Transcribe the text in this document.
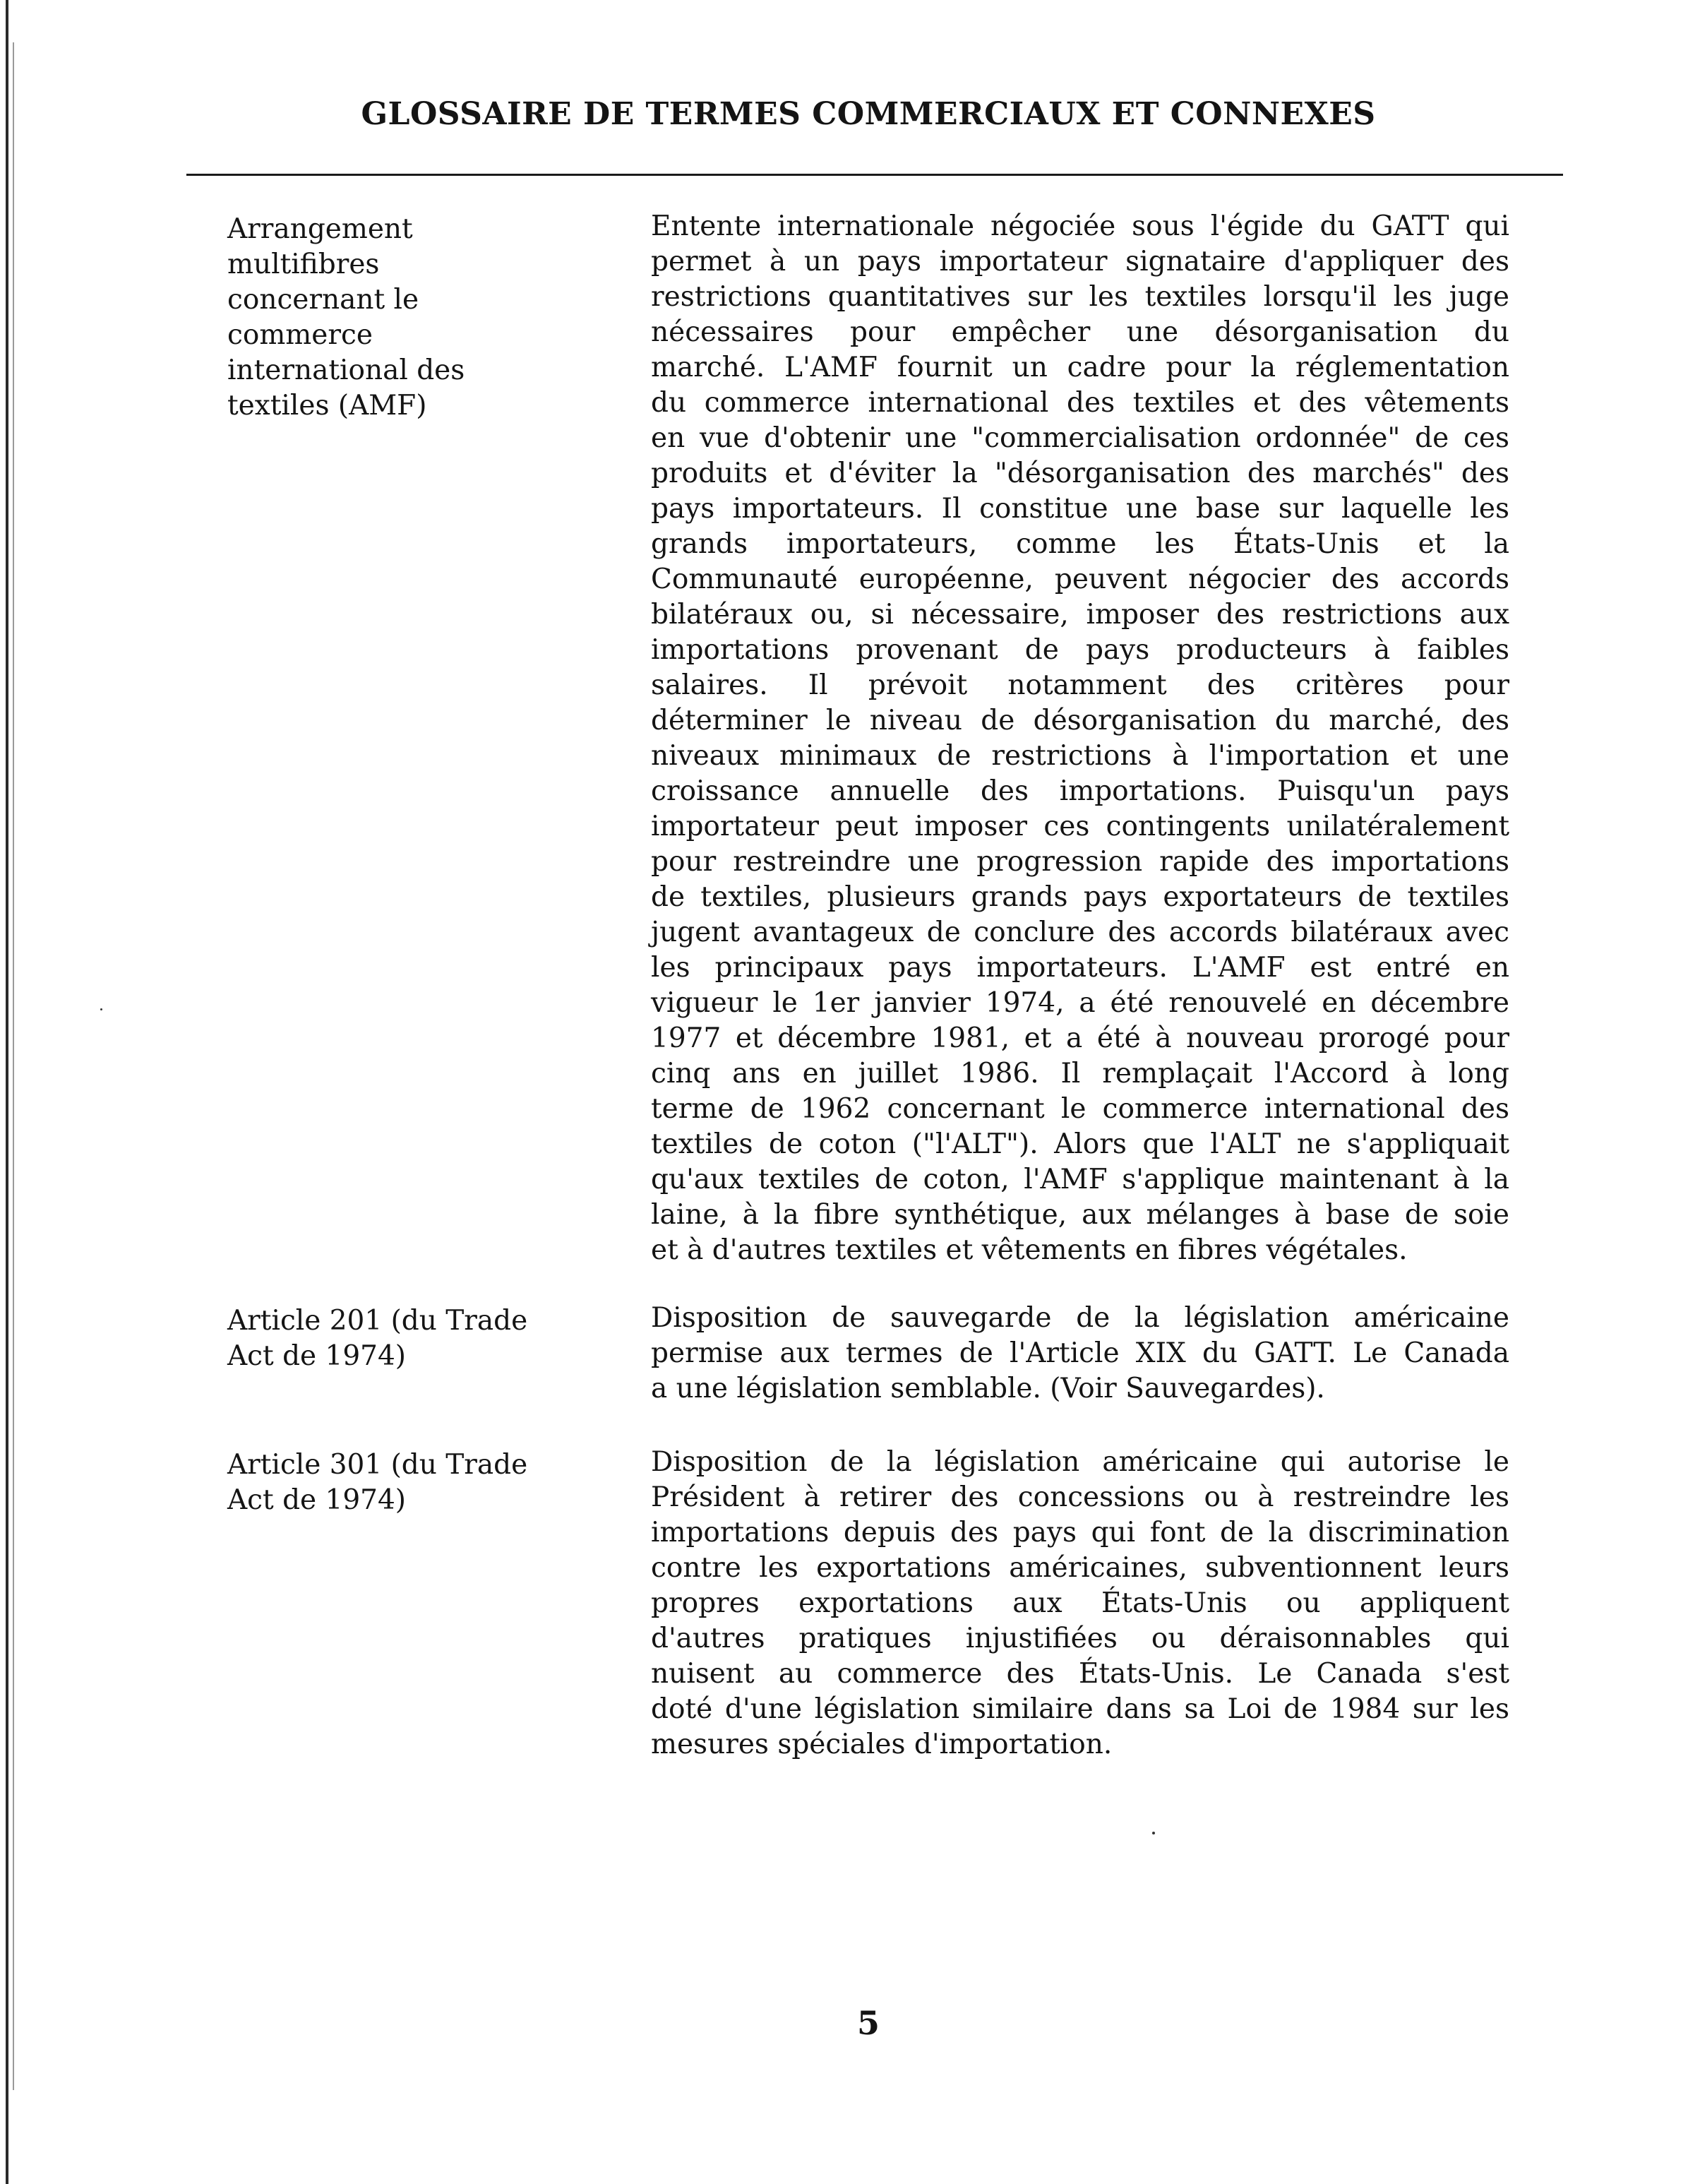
GLOSSAIRE DE TERMES COMMERCIAUX ET CONNEXES
Arrangement
multifibres
concernant le
commerce
international des
textiles (AMF)
Entente internationale négociée sous l'égide du GATT qui
permet à un pays importateur signataire d'appliquer des
restrictions quantitatives sur les textiles lorsqu'il les juge
nécessaires pour empêcher une désorganisation du
marché. L'AMF fournit un cadre pour la réglementation
du commerce international des textiles et des vêtements
en vue d'obtenir une "commercialisation ordonnée" de ces
produits et d'éviter la "désorganisation des marchés" des
pays importateurs. Il constitue une base sur laquelle les
grands importateurs, comme les États-Unis et la
Communauté européenne, peuvent négocier des accords
bilatéraux ou, si nécessaire, imposer des restrictions aux
importations provenant de pays producteurs à faibles
salaires. Il prévoit notamment des critères pour
déterminer le niveau de désorganisation du marché, des
niveaux minimaux de restrictions à l'importation et une
croissance annuelle des importations. Puisqu'un pays
importateur peut imposer ces contingents unilatéralement
pour restreindre une progression rapide des importations
de textiles, plusieurs grands pays exportateurs de textiles
jugent avantageux de conclure des accords bilatéraux avec
les principaux pays importateurs. L'AMF est entré en
vigueur le 1er janvier 1974, a été renouvelé en décembre
1977 et décembre 1981, et a été à nouveau prorogé pour
cinq ans en juillet 1986. Il remplaçait l'Accord à long
terme de 1962 concernant le commerce international des
textiles de coton ("l'ALT"). Alors que l'ALT ne s'appliquait
qu'aux textiles de coton, l'AMF s'applique maintenant à la
laine, à la fibre synthétique, aux mélanges à base de soie
et à d'autres textiles et vêtements en fibres végétales.
Article 201 (du Trade
Act de 1974)
Disposition de sauvegarde de la législation américaine
permise aux termes de l'Article XIX du GATT. Le Canada
a une législation semblable. (Voir Sauvegardes).
Article 301 (du Trade
Act de 1974)
Disposition de la législation américaine qui autorise le
Président à retirer des concessions ou à restreindre les
importations depuis des pays qui font de la discrimination
contre les exportations américaines, subventionnent leurs
propres exportations aux États-Unis ou appliquent
d'autres pratiques injustifiées ou déraisonnables qui
nuisent au commerce des États-Unis. Le Canada s'est
doté d'une législation similaire dans sa Loi de 1984 sur les
mesures spéciales d'importation.
5
